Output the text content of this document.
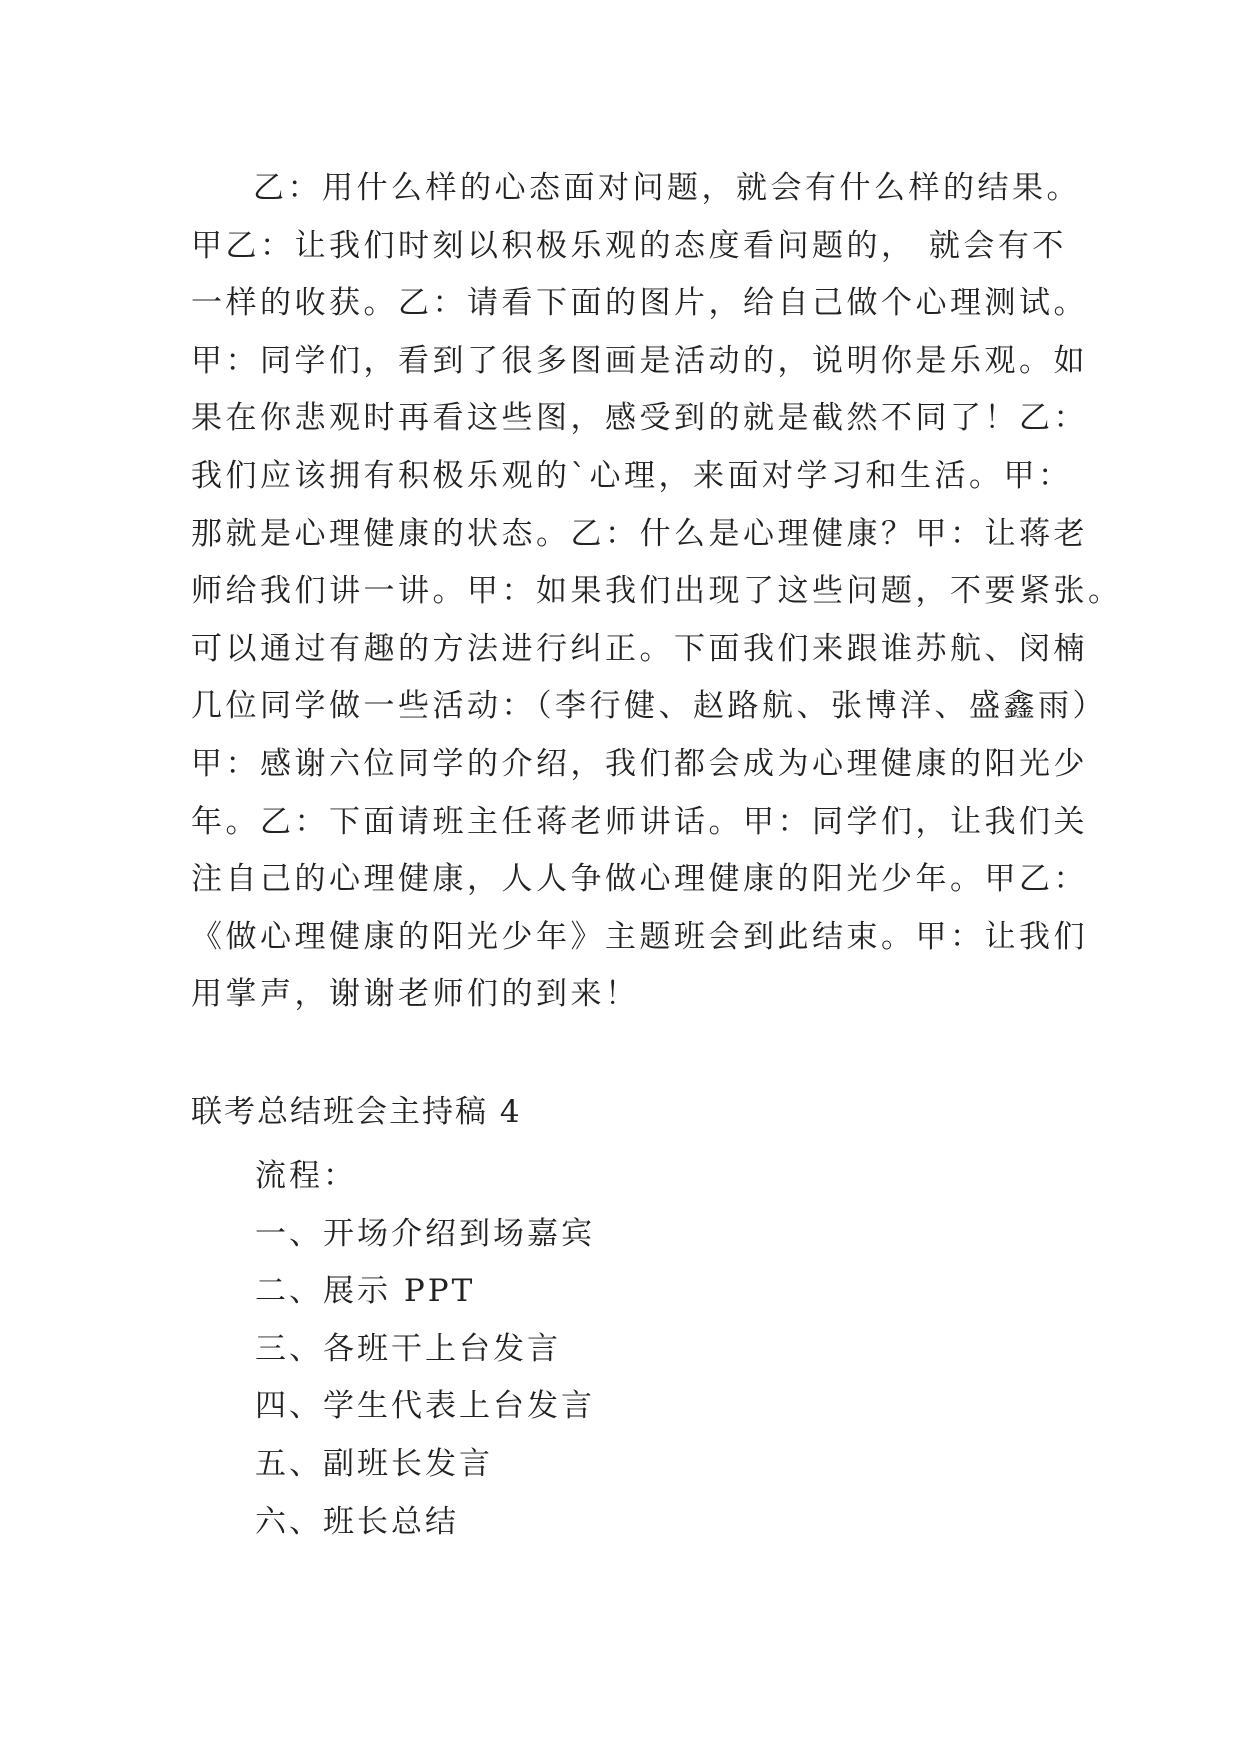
乙：用什么样的心态面对问题，就会有什么样的结果。
甲乙：让我们时刻以积极乐观的态度看问题的， 就会有不
一样的收获。乙：请看下面的图片，给自己做个心理测试。
甲：同学们，看到了很多图画是活动的，说明你是乐观。如
果在你悲观时再看这些图，感受到的就是截然不同了！乙：
我们应该拥有积极乐观的`心理，来面对学习和生活。甲：
那就是心理健康的状态。乙：什么是心理健康？甲：让蒋老
师给我们讲一讲。甲：如果我们出现了这些问题，不要紧张。
可以通过有趣的方法进行纠正。下面我们来跟谁苏航、闵楠
几位同学做一些活动：（李行健、赵路航、张博洋、盛鑫雨）
甲：感谢六位同学的介绍，我们都会成为心理健康的阳光少
年。乙：下面请班主任蒋老师讲话。甲：同学们，让我们关
注自己的心理健康，人人争做心理健康的阳光少年。甲乙：
《做心理健康的阳光少年》主题班会到此结束。甲：让我们
用掌声，谢谢老师们的到来！
联考总结班会主持稿 4
流程：
一、开场介绍到场嘉宾
二、展示 PPT
三、各班干上台发言
四、学生代表上台发言
五、副班长发言
六、班长总结
